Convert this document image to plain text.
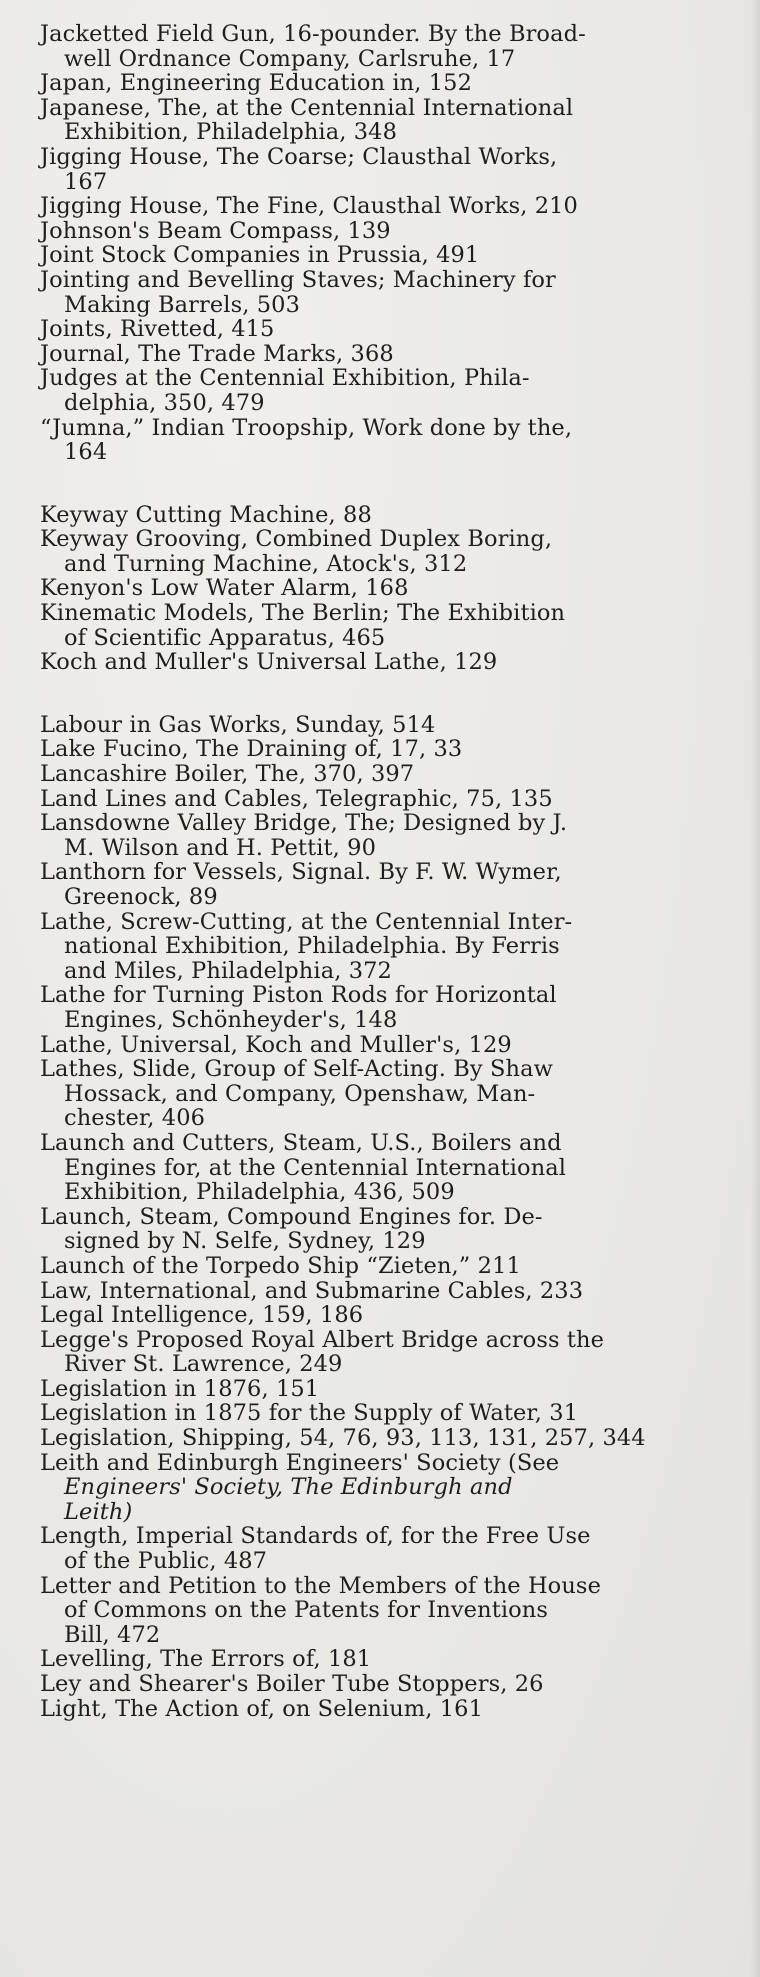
Jacketted Field Gun, 16-pounder. By the Broad-
well Ordnance Company, Carlsruhe, 17

Japan, Engineering Education in, 152

Japanese, The, at the Centennial International
Exhibition, Philadelphia, 348

Jigging House, The Coarse; Clausthal Works,
167

Jigging House, The Fine, Clausthal Works, 210

Johnson's Beam Compass, 139

Joint Stock Companies in Prussia, 491

Jointing and Bevelling Staves; Machinery for
Making Barrels, 503

Joints, Rivetted, 415

Journal, The Trade Marks, 368

Judges at the Centennial Exhibition, Phila-
delphia, 350, 479

“Jumna,” Indian Troopship, Work done by the,
164

Keyway Cutting Machine, 88

Keyway Grooving, Combined Duplex Boring,
and Turning Machine, Atock's, 312

Kenyon's Low Water Alarm, 168

Kinematic Models, The Berlin; The Exhibition
of Scientific Apparatus, 465

Koch and Muller's Universal Lathe, 129

Labour in Gas Works, Sunday, 514

Lake Fucino, The Draining of, 17, 33

Lancashire Boiler, The, 370, 397

Land Lines and Cables, Telegraphic, 75, 135

Lansdowne Valley Bridge, The; Designed by J.
M. Wilson and H. Pettit, 90

Lanthorn for Vessels, Signal. By F. W. Wymer,
Greenock, 89

Lathe, Screw-Cutting, at the Centennial Inter-
national Exhibition, Philadelphia. By Ferris
and Miles, Philadelphia, 372

Lathe for Turning Piston Rods for Horizontal
Engines, Schönheyder's, 148

Lathe, Universal, Koch and Muller's, 129

Lathes, Slide, Group of Self-Acting. By Shaw
Hossack, and Company, Openshaw, Man-
chester, 406

Launch and Cutters, Steam, U.S., Boilers and
Engines for, at the Centennial International
Exhibition, Philadelphia, 436, 509

Launch, Steam, Compound Engines for. De-
signed by N. Selfe, Sydney, 129

Launch of the Torpedo Ship “Zieten,” 211

Law, International, and Submarine Cables, 233

Legal Intelligence, 159, 186

Legge's Proposed Royal Albert Bridge across the
River St. Lawrence, 249

Legislation in 1876, 151

Legislation in 1875 for the Supply of Water, 31

Legislation, Shipping, 54, 76, 93, 113, 131, 257, 344

Leith and Edinburgh Engineers' Society (See
Engineers' Society, The Edinburgh and
Leith)

Length, Imperial Standards of, for the Free Use
of the Public, 487

Letter and Petition to the Members of the House
of Commons on the Patents for Inventions
Bill, 472

Levelling, The Errors of, 181

Ley and Shearer's Boiler Tube Stoppers, 26

Light, The Action of, on Selenium, 161
